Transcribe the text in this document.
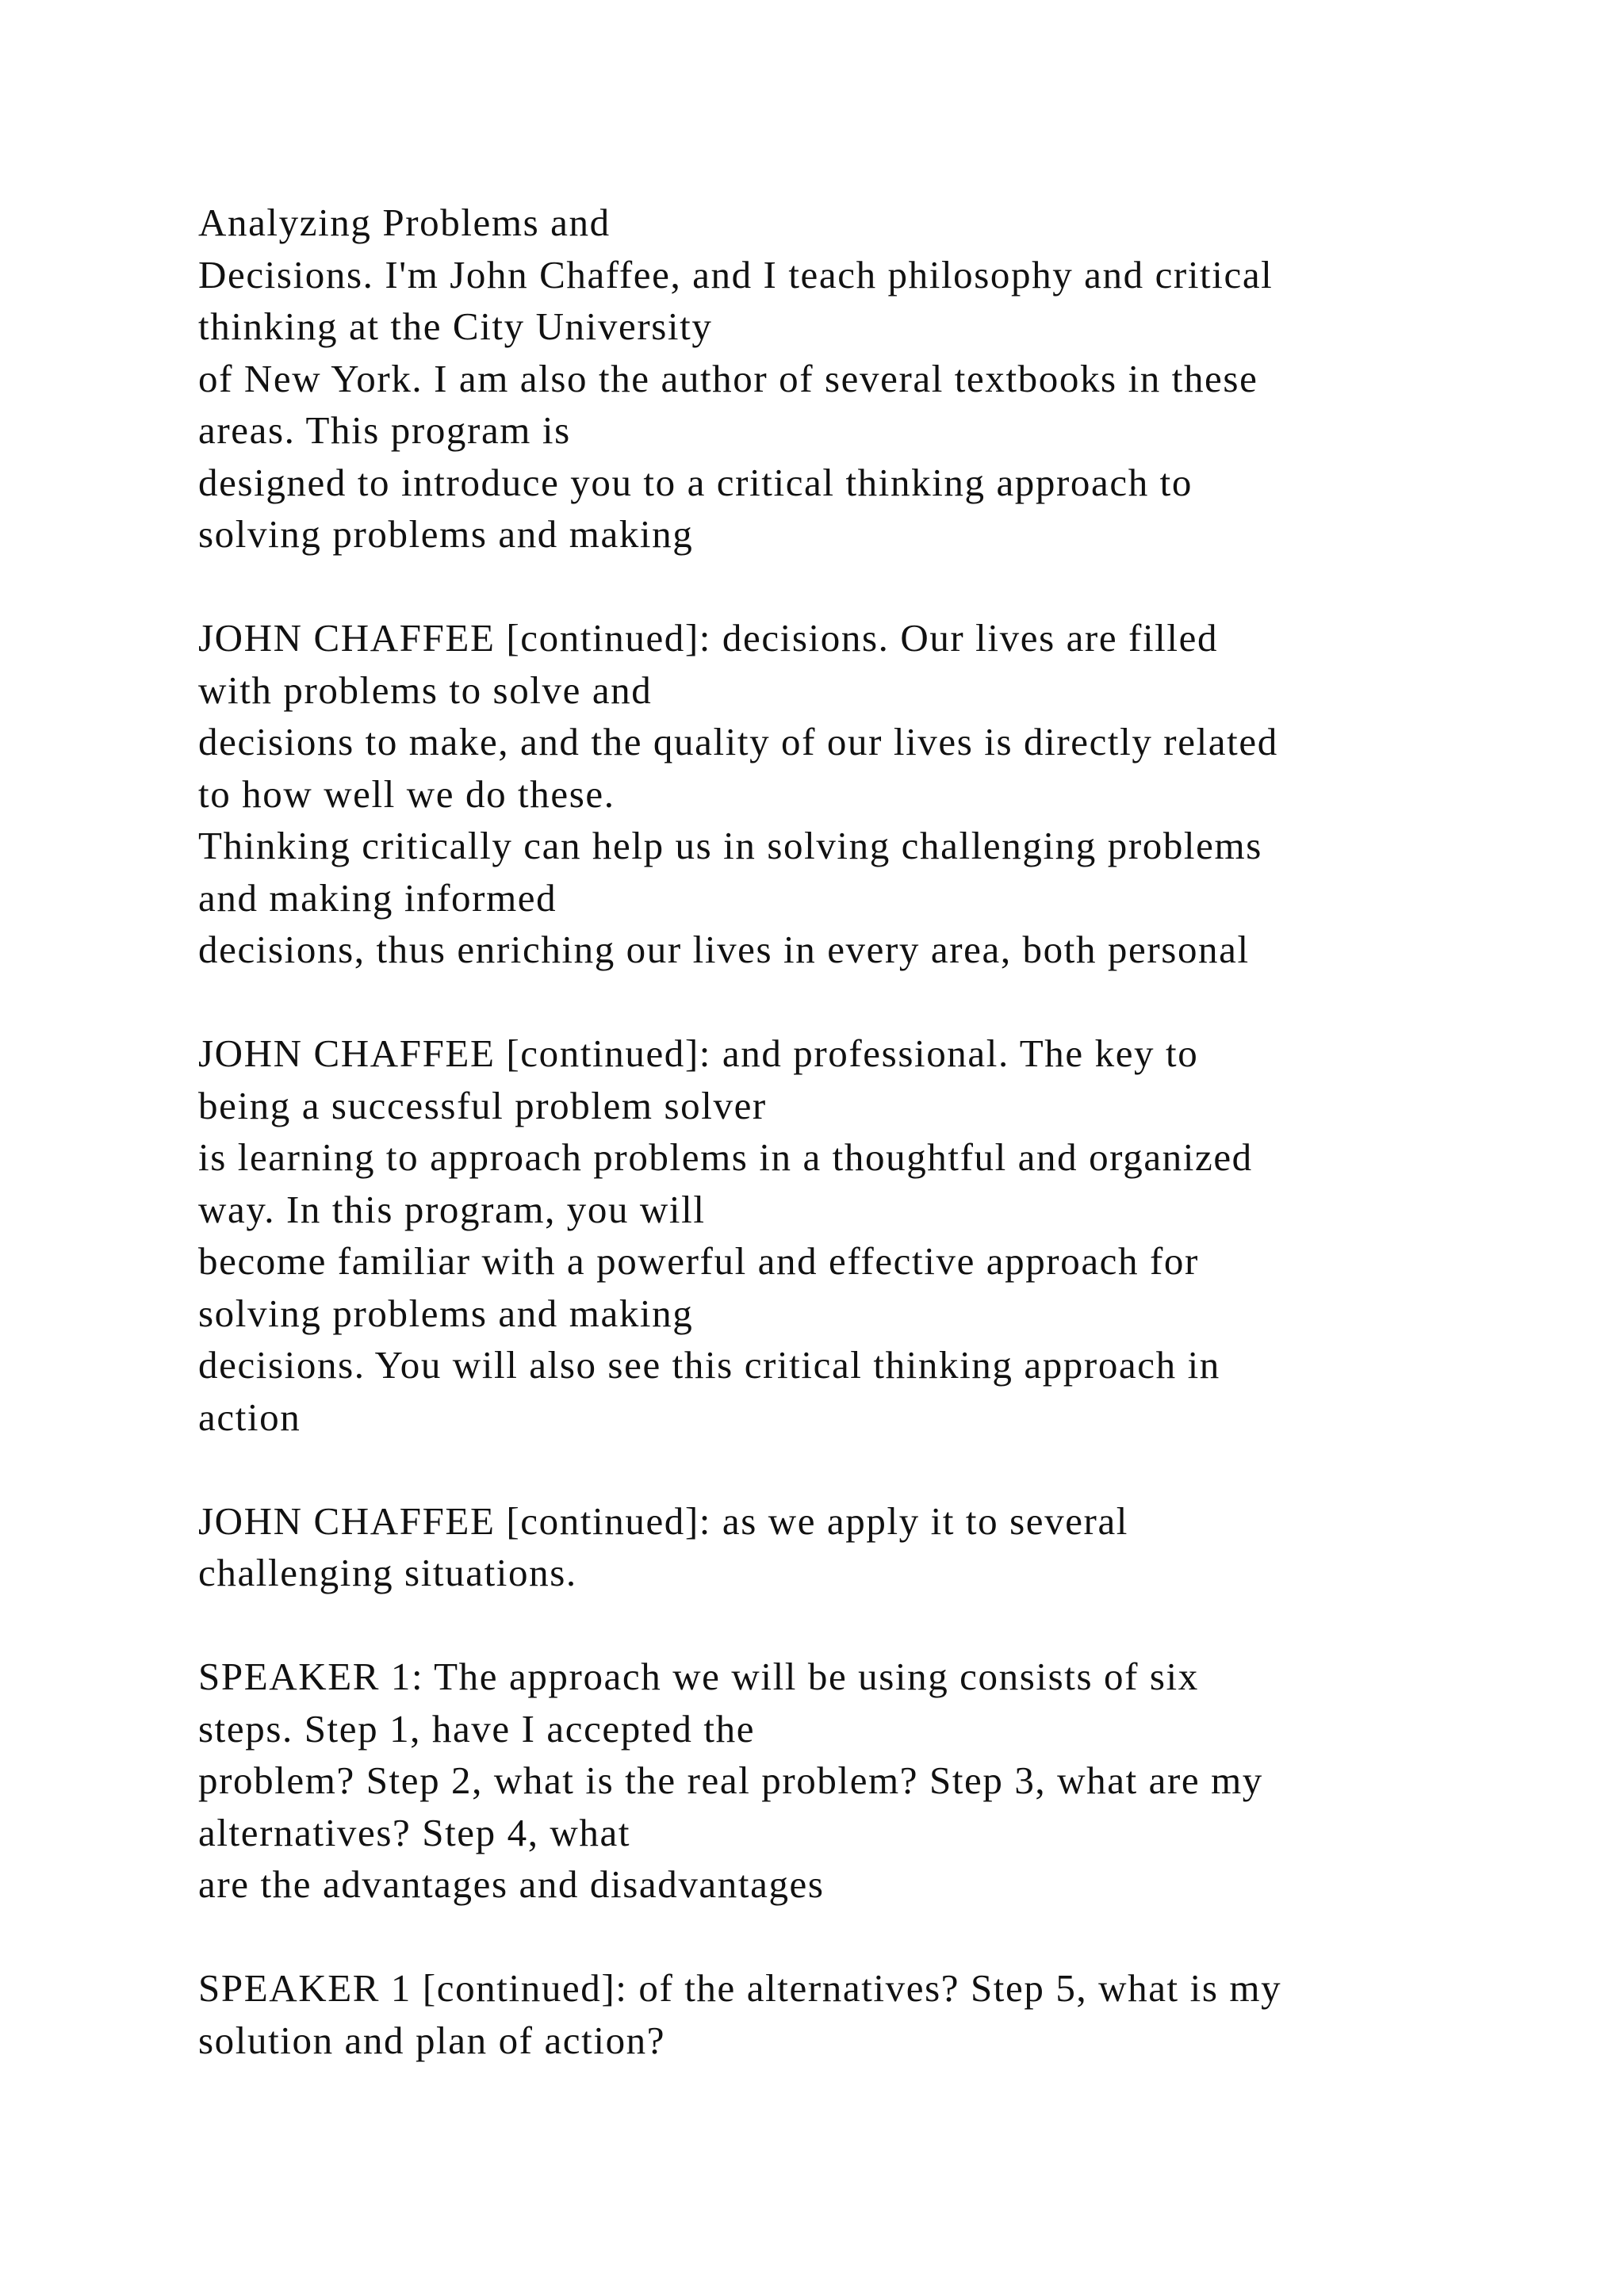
Analyzing Problems and
Decisions. I'm John Chaffee, and I teach philosophy and critical
thinking at the City University
of New York. I am also the author of several textbooks in these
areas. This program is
designed to introduce you to a critical thinking approach to
solving problems and making

JOHN CHAFFEE [continued]: decisions. Our lives are filled
with problems to solve and
decisions to make, and the quality of our lives is directly related
to how well we do these.
Thinking critically can help us in solving challenging problems
and making informed
decisions, thus enriching our lives in every area, both personal

JOHN CHAFFEE [continued]: and professional. The key to
being a successful problem solver
is learning to approach problems in a thoughtful and organized
way. In this program, you will
become familiar with a powerful and effective approach for
solving problems and making
decisions. You will also see this critical thinking approach in
action

JOHN CHAFFEE [continued]: as we apply it to several
challenging situations.

SPEAKER 1: The approach we will be using consists of six
steps. Step 1, have I accepted the
problem? Step 2, what is the real problem? Step 3, what are my
alternatives? Step 4, what
are the advantages and disadvantages

SPEAKER 1 [continued]: of the alternatives? Step 5, what is my
solution and plan of action?
